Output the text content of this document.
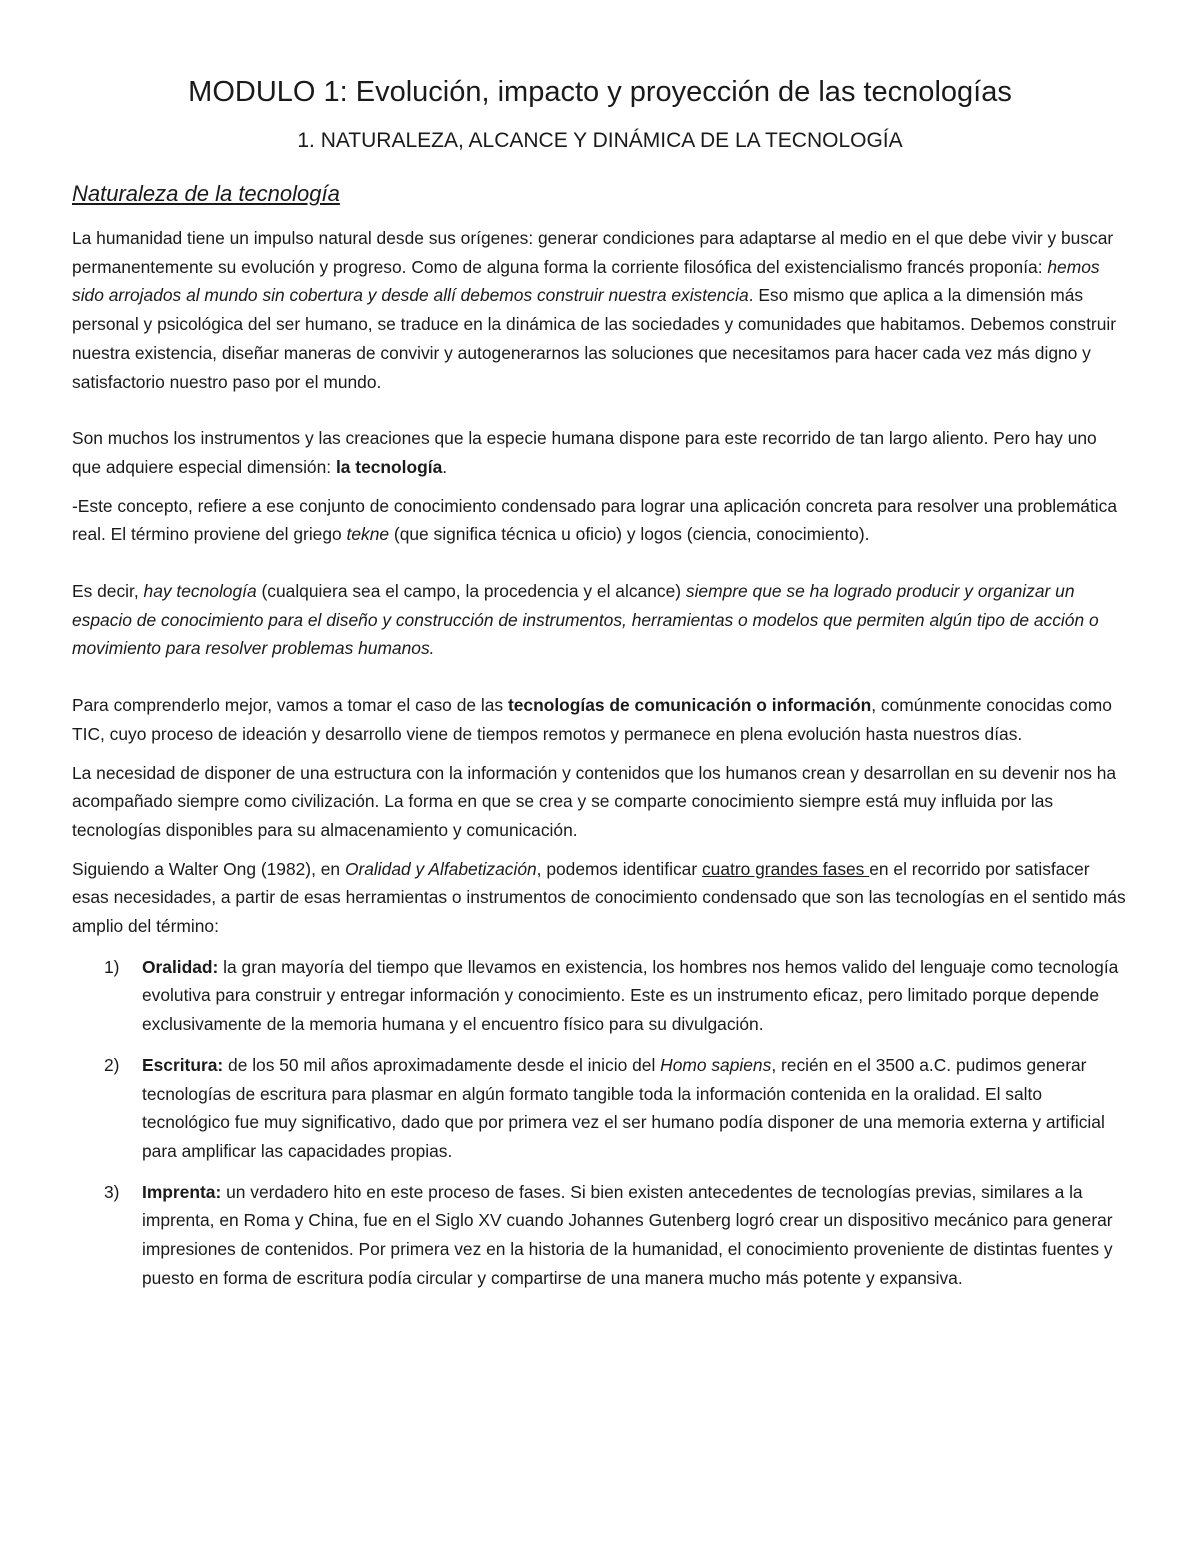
MODULO 1: Evolución, impacto y proyección de las tecnologías
1. NATURALEZA, ALCANCE Y DINÁMICA DE LA TECNOLOGÍA
Naturaleza de la tecnología

La humanidad tiene un impulso natural desde sus orígenes: generar condiciones para adaptarse al medio en el que debe vivir y buscar permanentemente su evolución y progreso. Como de alguna forma la corriente filosófica del existencialismo francés proponía: hemos sido arrojados al mundo sin cobertura y desde allí debemos construir nuestra existencia. Eso mismo que aplica a la dimensión más personal y psicológica del ser humano, se traduce en la dinámica de las sociedades y comunidades que habitamos. Debemos construir nuestra existencia, diseñar maneras de convivir y autogenerarnos las soluciones que necesitamos para hacer cada vez más digno y satisfactorio nuestro paso por el mundo.

Son muchos los instrumentos y las creaciones que la especie humana dispone para este recorrido de tan largo aliento. Pero hay uno que adquiere especial dimensión: la tecnología.

-Este concepto, refiere a ese conjunto de conocimiento condensado para lograr una aplicación concreta para resolver una problemática real. El término proviene del griego tekne (que significa técnica u oficio) y logos (ciencia, conocimiento).

Es decir, hay tecnología (cualquiera sea el campo, la procedencia y el alcance) siempre que se ha logrado producir y organizar un espacio de conocimiento para el diseño y construcción de instrumentos, herramientas o modelos que permiten algún tipo de acción o movimiento para resolver problemas humanos.

Para comprenderlo mejor, vamos a tomar el caso de las tecnologías de comunicación o información, comúnmente conocidas como TIC, cuyo proceso de ideación y desarrollo viene de tiempos remotos y permanece en plena evolución hasta nuestros días.

La necesidad de disponer de una estructura con la información y contenidos que los humanos crean y desarrollan en su devenir nos ha acompañado siempre como civilización. La forma en que se crea y se comparte conocimiento siempre está muy influida por las tecnologías disponibles para su almacenamiento y comunicación.

Siguiendo a Walter Ong (1982), en Oralidad y Alfabetización, podemos identificar cuatro grandes fases en el recorrido por satisfacer esas necesidades, a partir de esas herramientas o instrumentos de conocimiento condensado que son las tecnologías en el sentido más amplio del término:

1) Oralidad: la gran mayoría del tiempo que llevamos en existencia, los hombres nos hemos valido del lenguaje como tecnología evolutiva para construir y entregar información y conocimiento. Este es un instrumento eficaz, pero limitado porque depende exclusivamente de la memoria humana y el encuentro físico para su divulgación.
2) Escritura: de los 50 mil años aproximadamente desde el inicio del Homo sapiens, recién en el 3500 a.C. pudimos generar tecnologías de escritura para plasmar en algún formato tangible toda la información contenida en la oralidad. El salto tecnológico fue muy significativo, dado que por primera vez el ser humano podía disponer de una memoria externa y artificial para amplificar las capacidades propias.
3) Imprenta: un verdadero hito en este proceso de fases. Si bien existen antecedentes de tecnologías previas, similares a la imprenta, en Roma y China, fue en el Siglo XV cuando Johannes Gutenberg logró crear un dispositivo mecánico para generar impresiones de contenidos. Por primera vez en la historia de la humanidad, el conocimiento proveniente de distintas fuentes y puesto en forma de escritura podía circular y compartirse de una manera mucho más potente y expansiva.
